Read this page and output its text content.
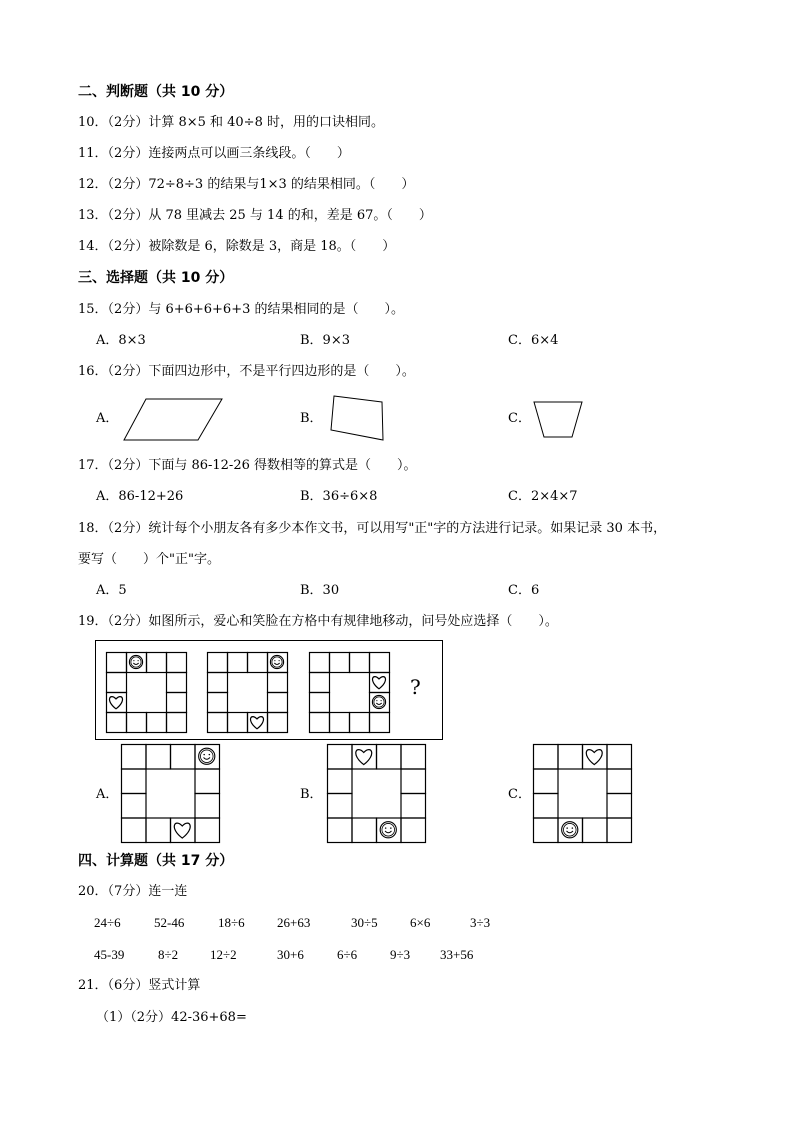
二、判断题（共 10 分）
10．（2分）计算 8×5 和 40÷8 时，用的口诀相同。
11．（2分）连接两点可以画三条线段。（　　）
12．（2分）72÷8÷3 的结果与1×3 的结果相同。（　　）
13．（2分）从 78 里减去 25 与 14 的和，差是 67。（　　）
14．（2分）被除数是 6，除数是 3，商是 18。（　　）
三、选择题（共 10 分）
15．（2分）与 6+6+6+6+3 的结果相同的是（　　）。
A．8×3	B．9×3	C．6×4
16．（2分）下面四边形中，不是平行四边形的是（　　）。
A．	B．	C．
17．（2分）下面与 86-12-26 得数相等的算式是（　　）。
A．86-12+26	B．36÷6×8	C．2×4×7
18．（2分）统计每个小朋友各有多少本作文书，可以用写"正"字的方法进行记录。如果记录 30 本书，
要写（　　）个"正"字。
A．5	B．30	C．6
19．（2分）如图所示，爱心和笑脸在方格中有规律地移动，问号处应选择（　　）。
?
A．	B．	C．
四、计算题（共 17 分）
20．（7分）连一连
24÷6	52-46	18÷6 26+63	30÷5 6×6	3÷3
45-39	8÷2 12÷2	30+6	6÷6	9÷3 33+56
21．（6分）竖式计算
（1）（2分）42-36+68=
